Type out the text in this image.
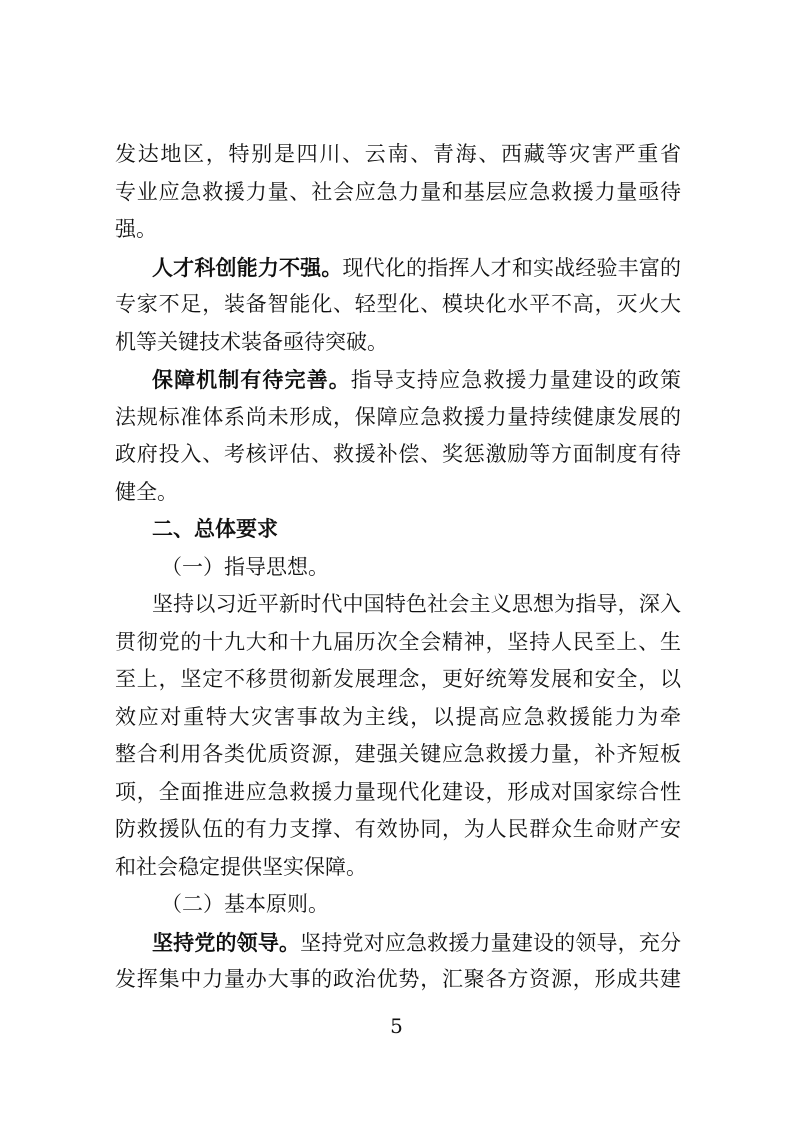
发达地区，特别是四川、云南、青海、西藏等灾害严重省
专业应急救援力量、社会应急力量和基层应急救援力量亟待
强。
人才科创能力不强。现代化的指挥人才和实战经验丰富的
专家不足，装备智能化、轻型化、模块化水平不高，灭火大
机等关键技术装备亟待突破。
保障机制有待完善。指导支持应急救援力量建设的政策
法规标准体系尚未形成，保障应急救援力量持续健康发展的
政府投入、考核评估、救援补偿、奖惩激励等方面制度有待
健全。
二、总体要求
（一）指导思想。
坚持以习近平新时代中国特色社会主义思想为指导，深入
贯彻党的十九大和十九届历次全会精神，坚持人民至上、生
至上，坚定不移贯彻新发展理念，更好统筹发展和安全，以
效应对重特大灾害事故为主线，以提高应急救援能力为牵
整合利用各类优质资源，建强关键应急救援力量，补齐短板
项，全面推进应急救援力量现代化建设，形成对国家综合性
防救援队伍的有力支撑、有效协同，为人民群众生命财产安
和社会稳定提供坚实保障。
（二）基本原则。
坚持党的领导。坚持党对应急救援力量建设的领导，充分
发挥集中力量办大事的政治优势，汇聚各方资源，形成共建
5
